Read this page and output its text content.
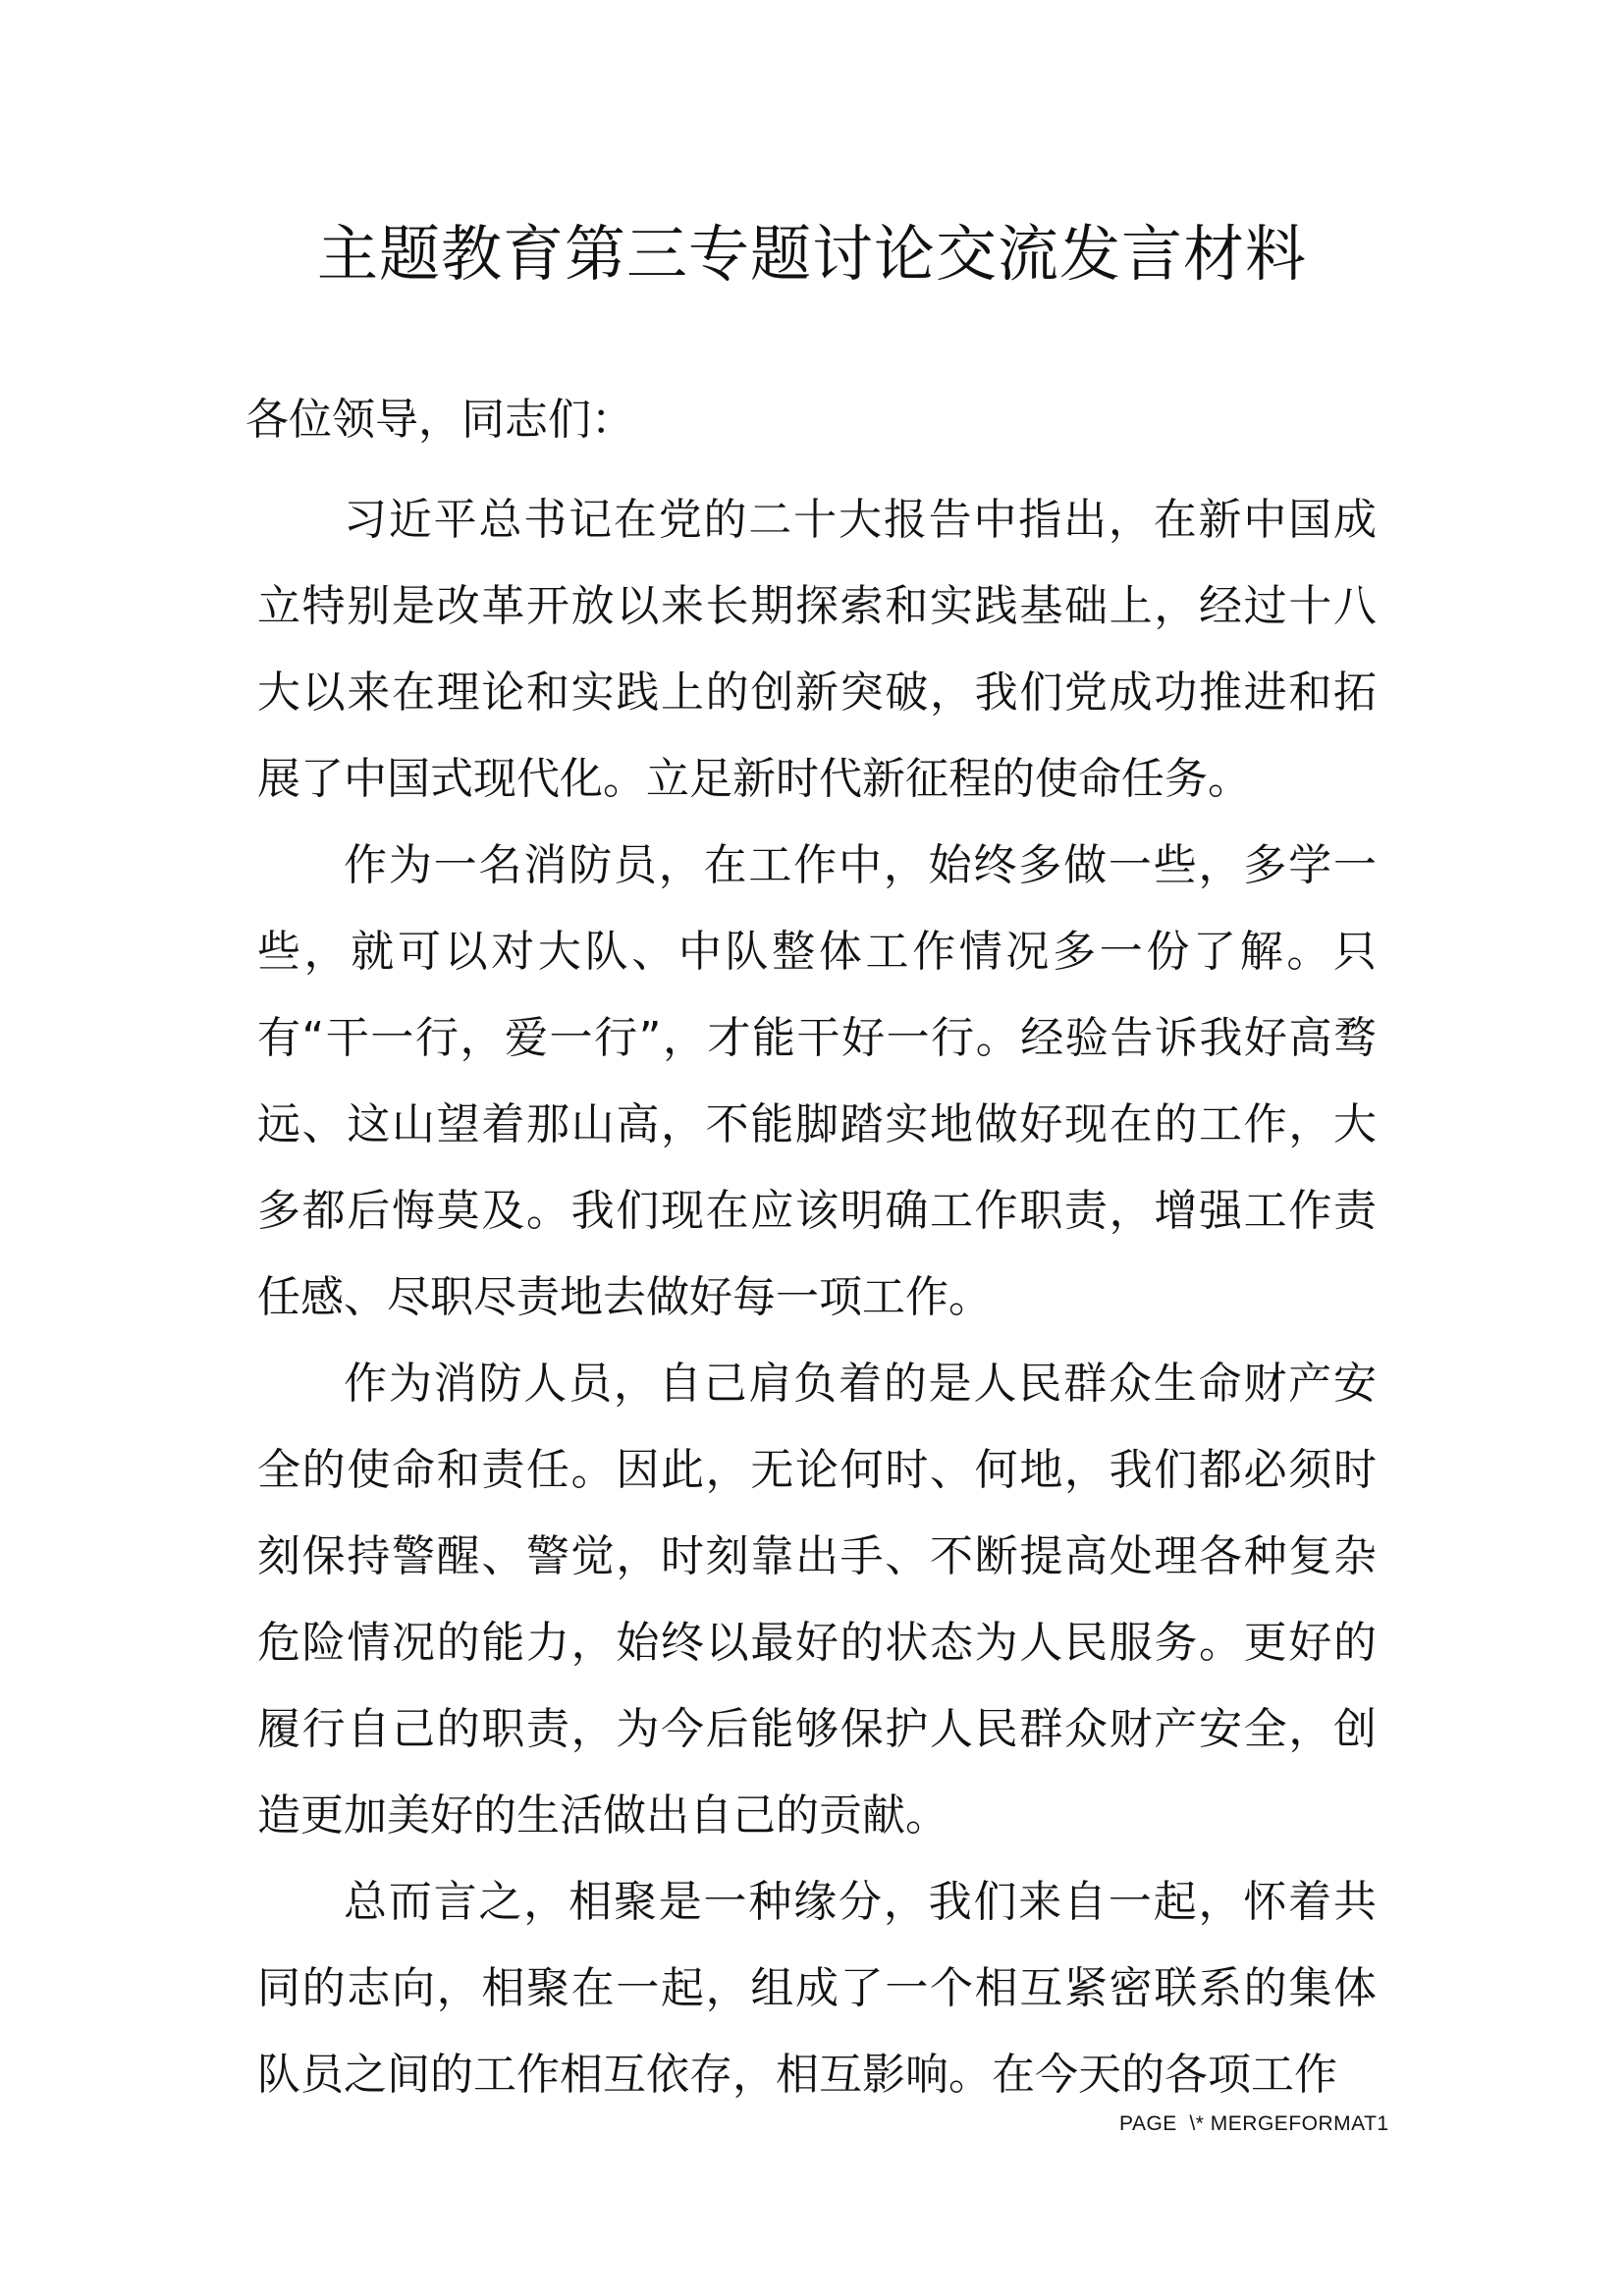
主题教育第三专题讨论交流发言材料

各位领导，同志们：

习近平总书记在党的二十大报告中指出，在新中国成立特别是改革开放以来长期探索和实践基础上，经过十八大以来在理论和实践上的创新突破，我们党成功推进和拓展了中国式现代化。立足新时代新征程的使命任务。

作为一名消防员，在工作中，始终多做一些，多学一些，就可以对大队、中队整体工作情况多一份了解。只有“干一行，爱一行”，才能干好一行。经验告诉我好高骛远、这山望着那山高，不能脚踏实地做好现在的工作，大多都后悔莫及。我们现在应该明确工作职责，增强工作责任感、尽职尽责地去做好每一项工作。

作为消防人员，自己肩负着的是人民群众生命财产安全的使命和责任。因此，无论何时、何地，我们都必须时刻保持警醒、警觉，时刻靠出手、不断提高处理各种复杂危险情况的能力，始终以最好的状态为人民服务。更好的履行自己的职责，为今后能够保护人民群众财产安全，创造更加美好的生活做出自己的贡献。

总而言之，相聚是一种缘分，我们来自一起，怀着共同的志向，相聚在一起，组成了一个相互紧密联系的集体队员之间的工作相互依存，相互影响。在今天的各项工作

PAGE  \* MERGEFORMAT1
